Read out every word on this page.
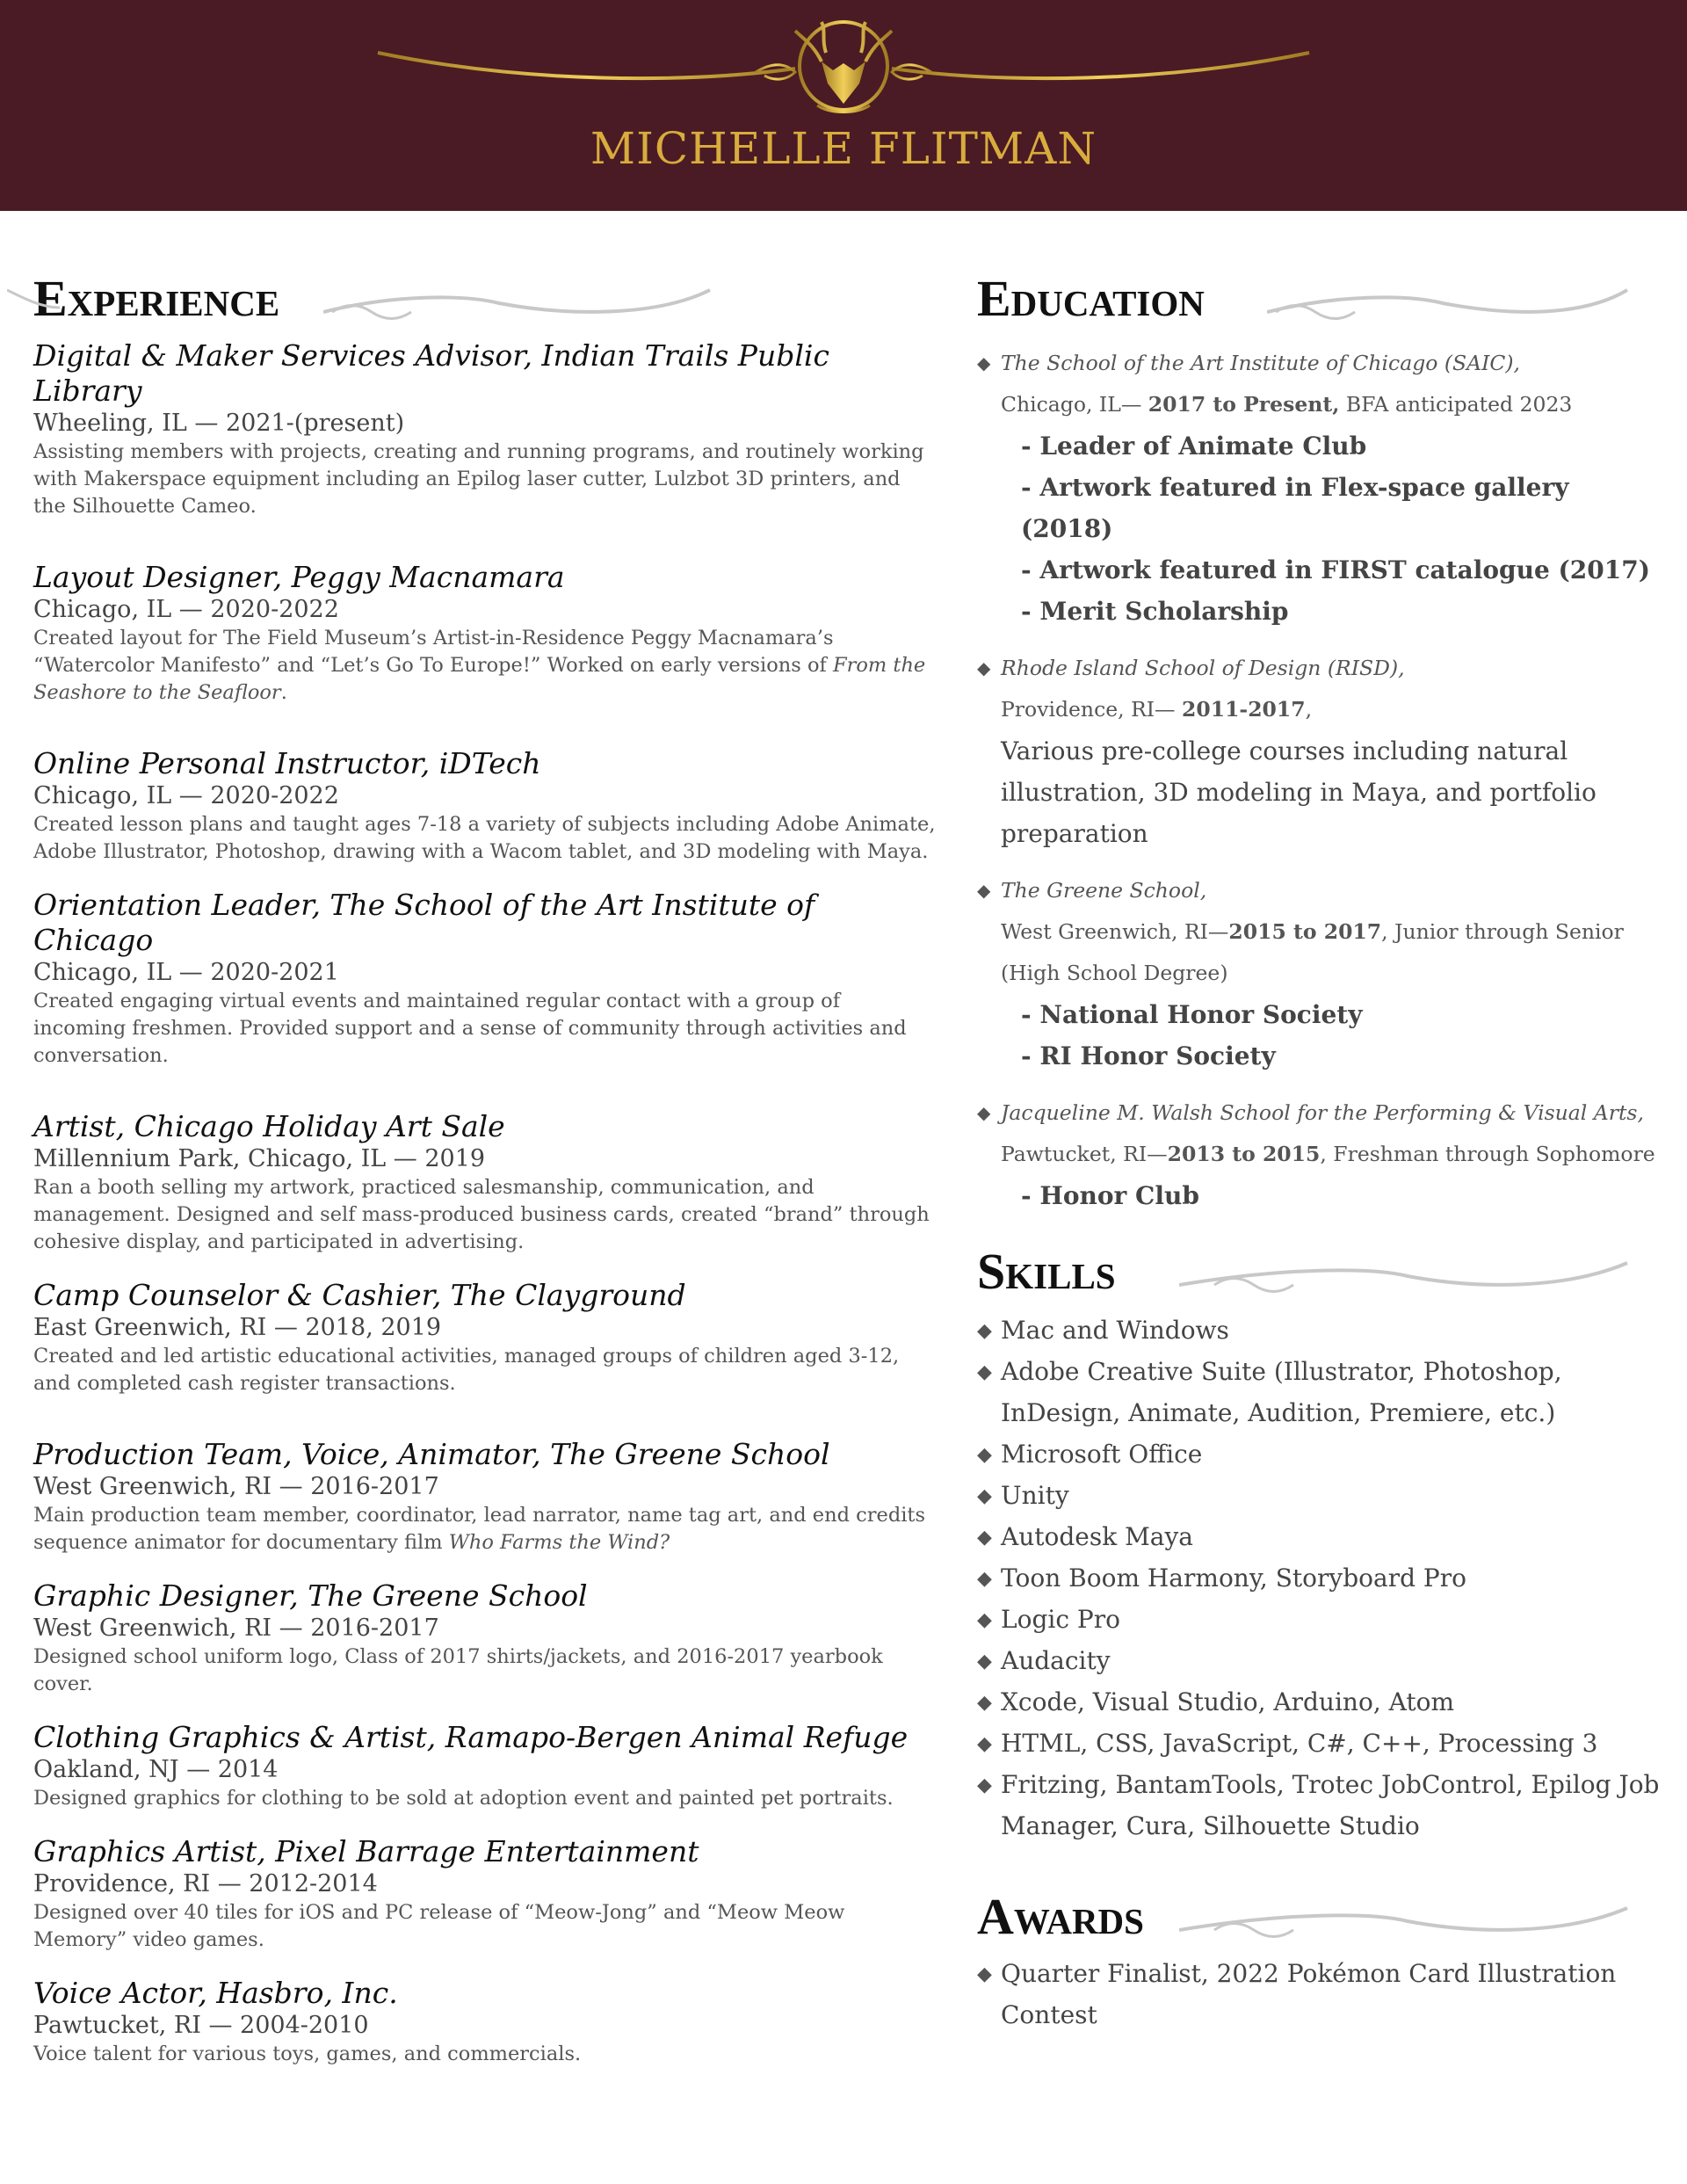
MICHELLE FLITMAN
Experience
Digital & Maker Services Advisor, Indian Trails Public Library
Wheeling, IL — 2021-(present)
Assisting members with projects, creating and running programs, and routinely working with Makerspace equipment including an Epilog laser cutter, Lulzbot 3D printers, and the Silhouette Cameo.
Layout Designer, Peggy Macnamara
Chicago, IL — 2020-2022
Created layout for The Field Museum’s Artist-in-Residence Peggy Macnamara’s “Watercolor Manifesto” and “Let’s Go To Europe!” Worked on early versions of From the Seashore to the Seafloor.
Online Personal Instructor, iDTech
Chicago, IL — 2020-2022
Created lesson plans and taught ages 7-18 a variety of subjects including Adobe Animate, Adobe Illustrator, Photoshop, drawing with a Wacom tablet, and 3D modeling with Maya.
Orientation Leader, The School of the Art Institute of Chicago
Chicago, IL — 2020-2021
Created engaging virtual events and maintained regular contact with a group of incoming freshmen. Provided support and a sense of community through activities and conversation.
Artist, Chicago Holiday Art Sale
Millennium Park, Chicago, IL — 2019
Ran a booth selling my artwork, practiced salesmanship, communication, and management. Designed and self mass-produced business cards, created “brand” through cohesive display, and participated in advertising.
Camp Counselor & Cashier, The Clayground
East Greenwich, RI — 2018, 2019
Created and led artistic educational activities, managed groups of children aged 3-12, and completed cash register transactions.
Production Team, Voice, Animator, The Greene School
West Greenwich, RI — 2016-2017
Main production team member, coordinator, lead narrator, name tag art, and end credits sequence animator for documentary film Who Farms the Wind?
Graphic Designer, The Greene School
West Greenwich, RI — 2016-2017
Designed school uniform logo, Class of 2017 shirts/jackets, and 2016-2017 yearbook cover.
Clothing Graphics & Artist, Ramapo-Bergen Animal Refuge
Oakland, NJ — 2014
Designed graphics for clothing to be sold at adoption event and painted pet portraits.
Graphics Artist, Pixel Barrage Entertainment
Providence, RI — 2012-2014
Designed over 40 tiles for iOS and PC release of “Meow-Jong” and “Meow Meow Memory” video games.
Voice Actor, Hasbro, Inc.
Pawtucket, RI — 2004-2010
Voice talent for various toys, games, and commercials.
Education
◆ The School of the Art Institute of Chicago (SAIC),
Chicago, IL— 2017 to Present, BFA anticipated 2023
- Leader of Animate Club
- Artwork featured in Flex-space gallery (2018)
- Artwork featured in FIRST catalogue (2017)
- Merit Scholarship
◆ Rhode Island School of Design (RISD),
Providence, RI— 2011-2017,
Various pre-college courses including natural illustration, 3D modeling in Maya, and portfolio preparation
◆ The Greene School,
West Greenwich, RI—2015 to 2017, Junior through Senior (High School Degree)
- National Honor Society
- RI Honor Society
◆ Jacqueline M. Walsh School for the Performing & Visual Arts,
Pawtucket, RI—2013 to 2015, Freshman through Sophomore
- Honor Club
Skills
◆ Mac and Windows
◆ Adobe Creative Suite (Illustrator, Photoshop, InDesign, Animate, Audition, Premiere, etc.)
◆ Microsoft Office
◆ Unity
◆ Autodesk Maya
◆ Toon Boom Harmony, Storyboard Pro
◆ Logic Pro
◆ Audacity
◆ Xcode, Visual Studio, Arduino, Atom
◆ HTML, CSS, JavaScript, C#, C++, Processing 3
◆ Fritzing, BantamTools, Trotec JobControl, Epilog Job Manager, Cura, Silhouette Studio
Awards
◆ Quarter Finalist, 2022 Pokémon Card Illustration Contest
